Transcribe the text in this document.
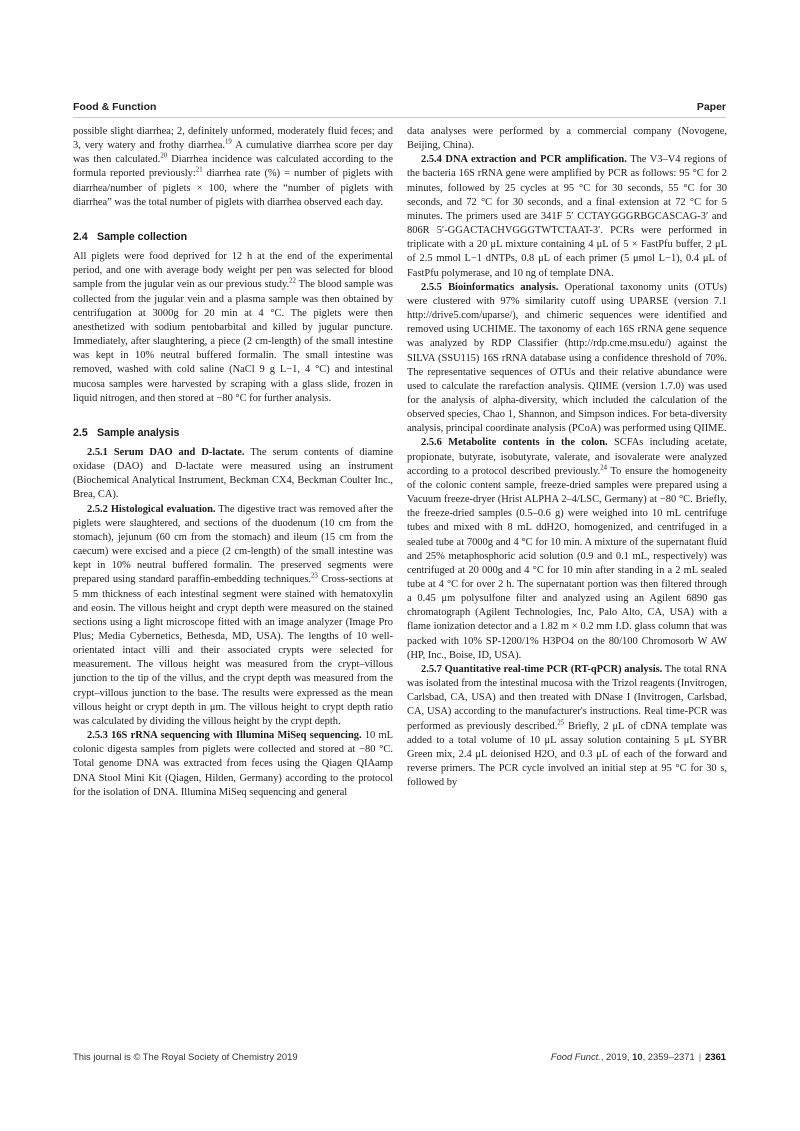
Food & Function	Paper

possible slight diarrhea; 2, definitely unformed, moderately fluid feces; and 3, very watery and frothy diarrhea.$^{19}$ A cumulative diarrhea score per day was then calculated.$^{20}$ Diarrhea incidence was calculated according to the formula reported previously:$^{21}$ diarrhea rate (%) = number of piglets with diarrhea/number of piglets × 100, where the “number of piglets with diarrhea” was the total number of piglets with diarrhea observed each day.

2.4 Sample collection

All piglets were food deprived for 12 h at the end of the experimental period, and one with average body weight per pen was selected for blood sample from the jugular vein as our previous study.$^{22}$ The blood sample was collected from the jugular vein and a plasma sample was then obtained by centrifugation at 3000g for 20 min at 4 °C. The piglets were then anesthetized with sodium pentobarbital and killed by jugular puncture. Immediately, after slaughtering, a piece (2 cm-length) of the small intestine was kept in 10% neutral buffered formalin. The small intestine was removed, washed with cold saline (NaCl 9 g L−1, 4 °C) and intestinal mucosa samples were harvested by scraping with a glass slide, frozen in liquid nitrogen, and then stored at −80 °C for further analysis.

2.5 Sample analysis

2.5.1 Serum DAO and D-lactate. The serum contents of diamine oxidase (DAO) and D-lactate were measured using an instrument (Biochemical Analytical Instrument, Beckman CX4, Beckman Coulter Inc., Brea, CA).

2.5.2 Histological evaluation. The digestive tract was removed after the piglets were slaughtered, and sections of the duodenum (10 cm from the stomach), jejunum (60 cm from the stomach) and ileum (15 cm from the caecum) were excised and a piece (2 cm-length) of the small intestine was kept in 10% neutral buffered formalin. The preserved segments were prepared using standard paraffin-embedding techniques.$^{23}$ Cross-sections at 5 mm thickness of each intestinal segment were stained with hematoxylin and eosin. The villous height and crypt depth were measured on the stained sections using a light microscope fitted with an image analyzer (Image Pro Plus; Media Cybernetics, Bethesda, MD, USA). The lengths of 10 well-orientated intact villi and their associated crypts were selected for measurement. The villous height was measured from the crypt–villous junction to the tip of the villus, and the crypt depth was measured from the crypt–villous junction to the base. The results were expressed as the mean villous height or crypt depth in μm. The villous height to crypt depth ratio was calculated by dividing the villous height by the crypt depth.

2.5.3 16S rRNA sequencing with Illumina MiSeq sequencing. 10 mL colonic digesta samples from piglets were collected and stored at −80 °C. Total genome DNA was extracted from feces using the Qiagen QIAamp DNA Stool Mini Kit (Qiagen, Hilden, Germany) according to the protocol for the isolation of DNA. Illumina MiSeq sequencing and general

data analyses were performed by a commercial company (Novogene, Beijing, China).

2.5.4 DNA extraction and PCR amplification. The V3–V4 regions of the bacteria 16S rRNA gene were amplified by PCR as follows: 95 °C for 2 minutes, followed by 25 cycles at 95 °C for 30 seconds, 55 °C for 30 seconds, and 72 °C for 30 seconds, and a final extension at 72 °C for 5 minutes. The primers used are 341F 5′ CCTAYGGGRBGCASCAG-3′ and 806R 5′-GGACTACHVGGGTWTCTAAT-3′. PCRs were performed in triplicate with a 20 μL mixture containing 4 μL of 5 × FastPfu buffer, 2 μL of 2.5 mmol L−1 dNTPs, 0.8 μL of each primer (5 μmol L−1), 0.4 μL of FastPfu polymerase, and 10 ng of template DNA.

2.5.5 Bioinformatics analysis. Operational taxonomy units (OTUs) were clustered with 97% similarity cutoff using UPARSE (version 7.1 http://drive5.com/uparse/), and chimeric sequences were identified and removed using UCHIME. The taxonomy of each 16S rRNA gene sequence was analyzed by RDP Classifier (http://rdp.cme.msu.edu/) against the SILVA (SSU115) 16S rRNA database using a confidence threshold of 70%. The representative sequences of OTUs and their relative abundance were used to calculate the rarefaction analysis. QIIME (version 1.7.0) was used for the analysis of alpha-diversity, which included the calculation of the observed species, Chao 1, Shannon, and Simpson indices. For beta-diversity analysis, principal coordinate analysis (PCoA) was performed using QIIME.

2.5.6 Metabolite contents in the colon. SCFAs including acetate, propionate, butyrate, isobutyrate, valerate, and isovalerate were analyzed according to a protocol described previously.$^{24}$ To ensure the homogeneity of the colonic content sample, freeze-dried samples were prepared using a Vacuum freeze-dryer (Hrist ALPHA 2–4/LSC, Germany) at −80 °C. Briefly, the freeze-dried samples (0.5–0.6 g) were weighed into 10 mL centrifuge tubes and mixed with 8 mL ddH2O, homogenized, and centrifuged in a sealed tube at 7000g and 4 °C for 10 min. A mixture of the supernatant fluid and 25% metaphosphoric acid solution (0.9 and 0.1 mL, respectively) was centrifuged at 20 000g and 4 °C for 10 min after standing in a 2 mL sealed tube at 4 °C for over 2 h. The supernatant portion was then filtered through a 0.45 μm polysulfone filter and analyzed using an Agilent 6890 gas chromatograph (Agilent Technologies, Inc, Palo Alto, CA, USA) with a flame ionization detector and a 1.82 m × 0.2 mm I.D. glass column that was packed with 10% SP-1200/1% H3PO4 on the 80/100 Chromosorb W AW (HP, Inc., Boise, ID, USA).

2.5.7 Quantitative real-time PCR (RT-qPCR) analysis. The total RNA was isolated from the intestinal mucosa with the Trizol reagents (Invitrogen, Carlsbad, CA, USA) and then treated with DNase I (Invitrogen, Carlsbad, CA, USA) according to the manufacturer's instructions. Real time-PCR was performed as previously described.$^{25}$ Briefly, 2 μL of cDNA template was added to a total volume of 10 μL assay solution containing 5 μL SYBR Green mix, 2.4 μL deionised H2O, and 0.3 μL of each of the forward and reverse primers. The PCR cycle involved an initial step at 95 °C for 30 s, followed by

This journal is © The Royal Society of Chemistry 2019	Food Funct., 2019, 10, 2359–2371 | 2361
